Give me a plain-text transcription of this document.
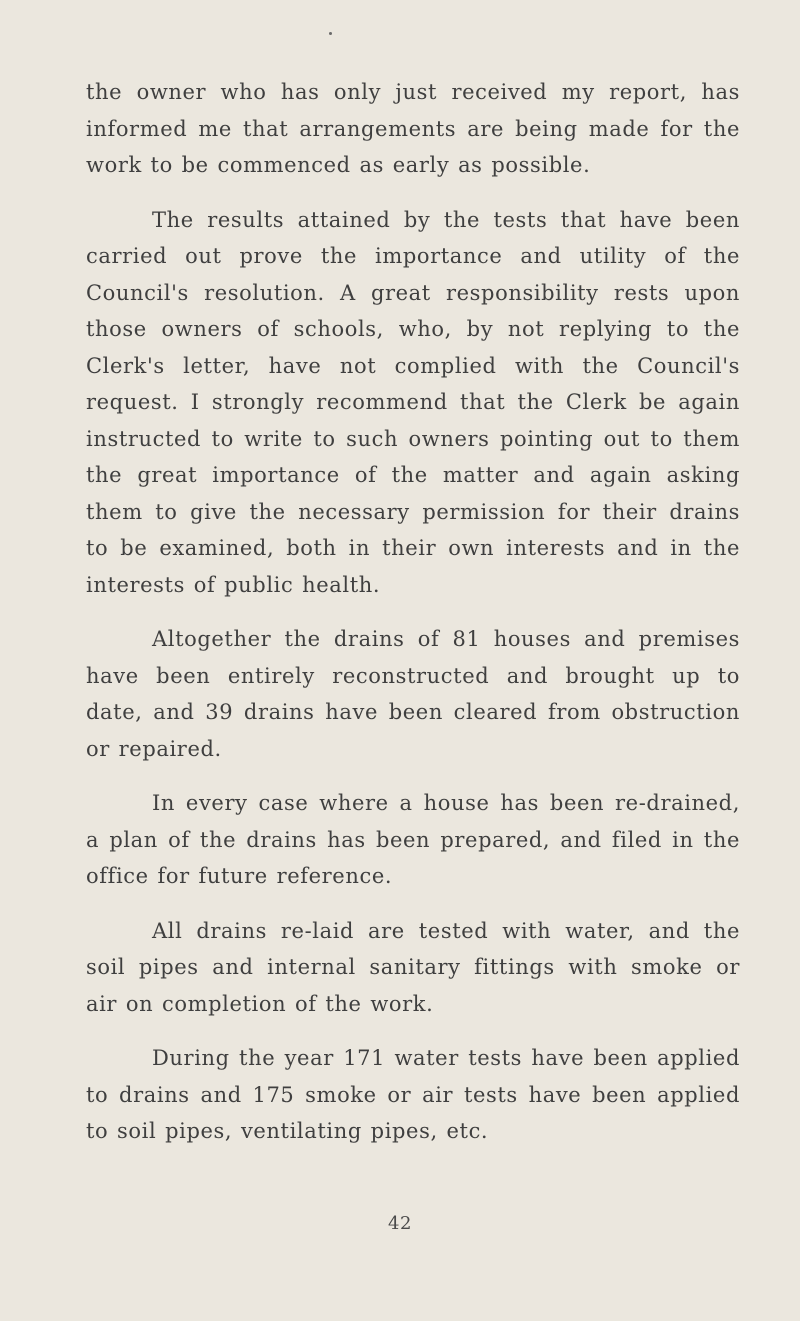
the owner who has only just received my report, has informed me that arrangements are being made for the work to be commenced as early as possible.

The results attained by the tests that have been carried out prove the importance and utility of the Council's resolution. A great responsibility rests upon those owners of schools, who, by not replying to the Clerk's letter, have not complied with the Council's request. I strongly recommend that the Clerk be again instructed to write to such owners pointing out to them the great importance of the matter and again asking them to give the necessary permission for their drains to be examined, both in their own interests and in the interests of public health.

Altogether the drains of 81 houses and premises have been entirely reconstructed and brought up to date, and 39 drains have been cleared from obstruction or repaired.

In every case where a house has been re-drained, a plan of the drains has been prepared, and filed in the office for future reference.

All drains re-laid are tested with water, and the soil pipes and internal sanitary fittings with smoke or air on completion of the work.

During the year 171 water tests have been applied to drains and 175 smoke or air tests have been applied to soil pipes, ventilating pipes, etc.

42
